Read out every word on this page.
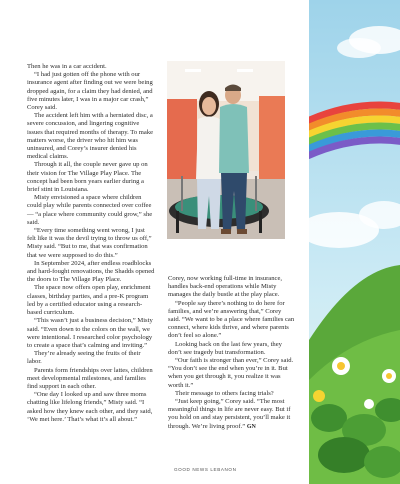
Then he was in a car accident.

“I had just gotten off the phone with our insurance agent after finding out we were being dropped again, for a claim they had denied, and five minutes later, I was in a major car crash,” Corey said.

The accident left him with a herniated disc, a severe concussion, and lingering cognitive issues that required months of therapy. To make matters worse, the driver who hit him was uninsured, and Corey’s insurer denied his medical claims.

Through it all, the couple never gave up on their vision for The Village Play Place. The concept had been born years earlier during a brief stint in Louisiana.

Misty envisioned a space where children could play while parents connected over coffee — “a place where community could grow,” she said.

“Every time something went wrong, I just felt like it was the devil trying to throw us off,” Misty said. “But to me, that was confirmation that we were supposed to do this.”

In September 2024, after endless roadblocks and hard-fought renovations, the Shadds opened the doors to The Village Play Place.

The space now offers open play, enrichment classes, birthday parties, and a pre-K program led by a certified educator using a research-based curriculum.

“This wasn’t just a business decision,” Misty said. “Even down to the colors on the wall, we were intentional. I researched color psychology to create a space that’s calming and inviting.”

They’re already seeing the fruits of their labor.

Parents form friendships over lattes, children meet developmental milestones, and families find support in each other.

“One day I looked up and saw three moms chatting like lifelong friends,” Misty said. “I asked how they knew each other, and they said, ‘We met here.’ That’s what it’s all about.”

Corey, now working full-time in insurance, handles back-end operations while Misty manages the daily bustle at the play place.

“People say there’s nothing to do here for families, and we’re answering that,” Corey said. “We want to be a place where families can connect, where kids thrive, and where parents don’t feel so alone.”

Looking back on the last few years, they don’t see tragedy but transformation.

“Our faith is stronger than ever,” Corey said. “You don’t see the end when you’re in it. But when you get through it, you realize it was worth it.”

Their message to others facing trials?

“Just keep going,” Corey said. “The most meaningful things in life are never easy. But if you hold on and stay persistent, you’ll make it through. We’re living proof.” GN

GOOD NEWS LEBANON
